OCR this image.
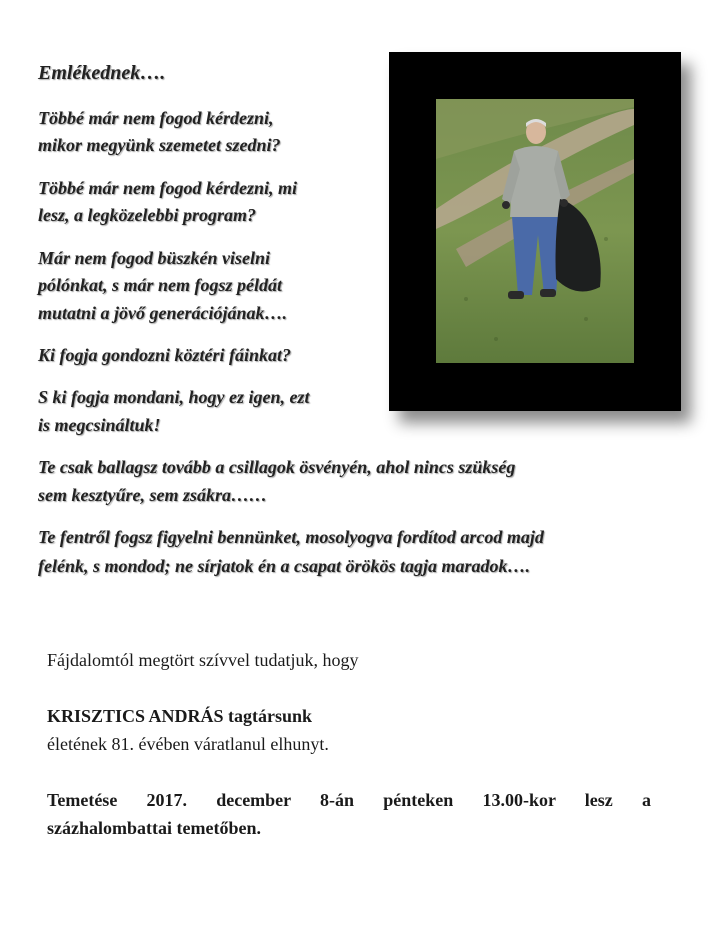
Emlékednek….
Többé már nem fogod kérdezni,
mikor megyünk szemetet szedni?
Többé már nem fogod kérdezni, mi
lesz, a legközelebbi program?
Már nem fogod büszkén viselni
pólónkat, s már nem fogsz példát
mutatni a jövő generációjának….
Ki fogja gondozni köztéri fáinkat?
S ki fogja mondani, hogy ez igen, ezt
is megcsináltuk!
Te csak ballagsz tovább a csillagok ösvényén, ahol nincs szükség
sem kesztyűre, sem zsákra……
Te fentről fogsz figyelni bennünket, mosolyogva fordítod arcod majd
felénk, s mondod; ne sírjatok én a csapat örökös tagja maradok….
Fájdalomtól megtört szívvel tudatjuk, hogy
KRISZTICS ANDRÁS tagtársunk
életének 81. évében váratlanul elhunyt.
Temetése 2017. december 8-án pénteken 13.00-kor lesz a
százhalombattai temetőben.
